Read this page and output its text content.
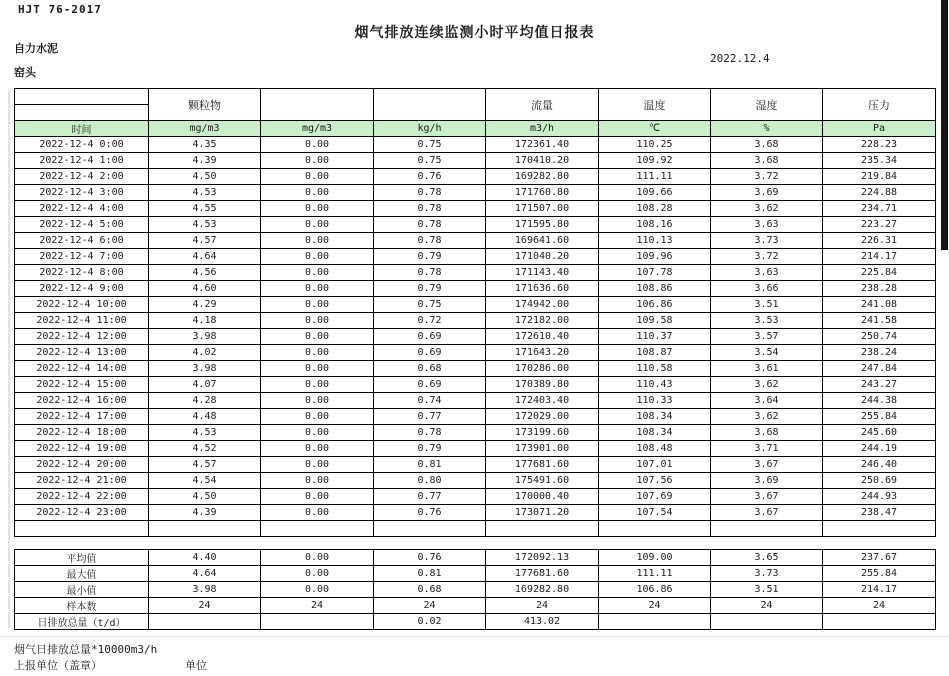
HJT 76-2017
烟气排放连续监测小时平均值日报表
自力水泥
窑头
2022.12.4
	颗粒物			流量	温度	湿度	压力

时间	mg/m3	mg/m3	kg/h	m3/h	℃	%	Pa
2022-12-4 0:00	4.35	0.00	0.75	172361.40	110.25	3.68	228.23
2022-12-4 1:00	4.39	0.00	0.75	170410.20	109.92	3.68	235.34
2022-12-4 2:00	4.50	0.00	0.76	169282.80	111.11	3.72	219.84
2022-12-4 3:00	4.53	0.00	0.78	171760.80	109.66	3.69	224.88
2022-12-4 4:00	4.55	0.00	0.78	171507.00	108.28	3.62	234.71
2022-12-4 5:00	4.53	0.00	0.78	171595.80	108.16	3.63	223.27
2022-12-4 6:00	4.57	0.00	0.78	169641.60	110.13	3.73	226.31
2022-12-4 7:00	4.64	0.00	0.79	171040.20	109.96	3.72	214.17
2022-12-4 8:00	4.56	0.00	0.78	171143.40	107.78	3.63	225.84
2022-12-4 9:00	4.60	0.00	0.79	171636.60	108.86	3.66	238.28
2022-12-4 10:00	4.29	0.00	0.75	174942.00	106.86	3.51	241.08
2022-12-4 11:00	4.18	0.00	0.72	172182.00	109.58	3.53	241.58
2022-12-4 12:00	3.98	0.00	0.69	172610.40	110.37	3.57	250.74
2022-12-4 13:00	4.02	0.00	0.69	171643.20	108.87	3.54	238.24
2022-12-4 14:00	3.98	0.00	0.68	170286.00	110.58	3.61	247.84
2022-12-4 15:00	4.07	0.00	0.69	170389.80	110.43	3.62	243.27
2022-12-4 16:00	4.28	0.00	0.74	172403.40	110.33	3.64	244.38
2022-12-4 17:00	4.48	0.00	0.77	172029.00	108.34	3.62	255.84
2022-12-4 18:00	4.53	0.00	0.78	173199.60	108.34	3.68	245.60
2022-12-4 19:00	4.52	0.00	0.79	173901.00	108.48	3.71	244.19
2022-12-4 20:00	4.57	0.00	0.81	177681.60	107.01	3.67	246.40
2022-12-4 21:00	4.54	0.00	0.80	175491.60	107.56	3.69	250.69
2022-12-4 22:00	4.50	0.00	0.77	170000.40	107.69	3.67	244.93
2022-12-4 23:00	4.39	0.00	0.76	173071.20	107.54	3.67	238.47

平均值	4.40	0.00	0.76	172092.13	109.00	3.65	237.67
最大值	4.64	0.00	0.81	177681.60	111.11	3.73	255.84
最小值	3.98	0.00	0.68	169282.80	106.86	3.51	214.17
样本数	24	24	24	24	24	24	24
日排放总量（t/d）			0.02	413.02			
烟气日排放总量*10000m3/h
上报单位（盖章）	单位
